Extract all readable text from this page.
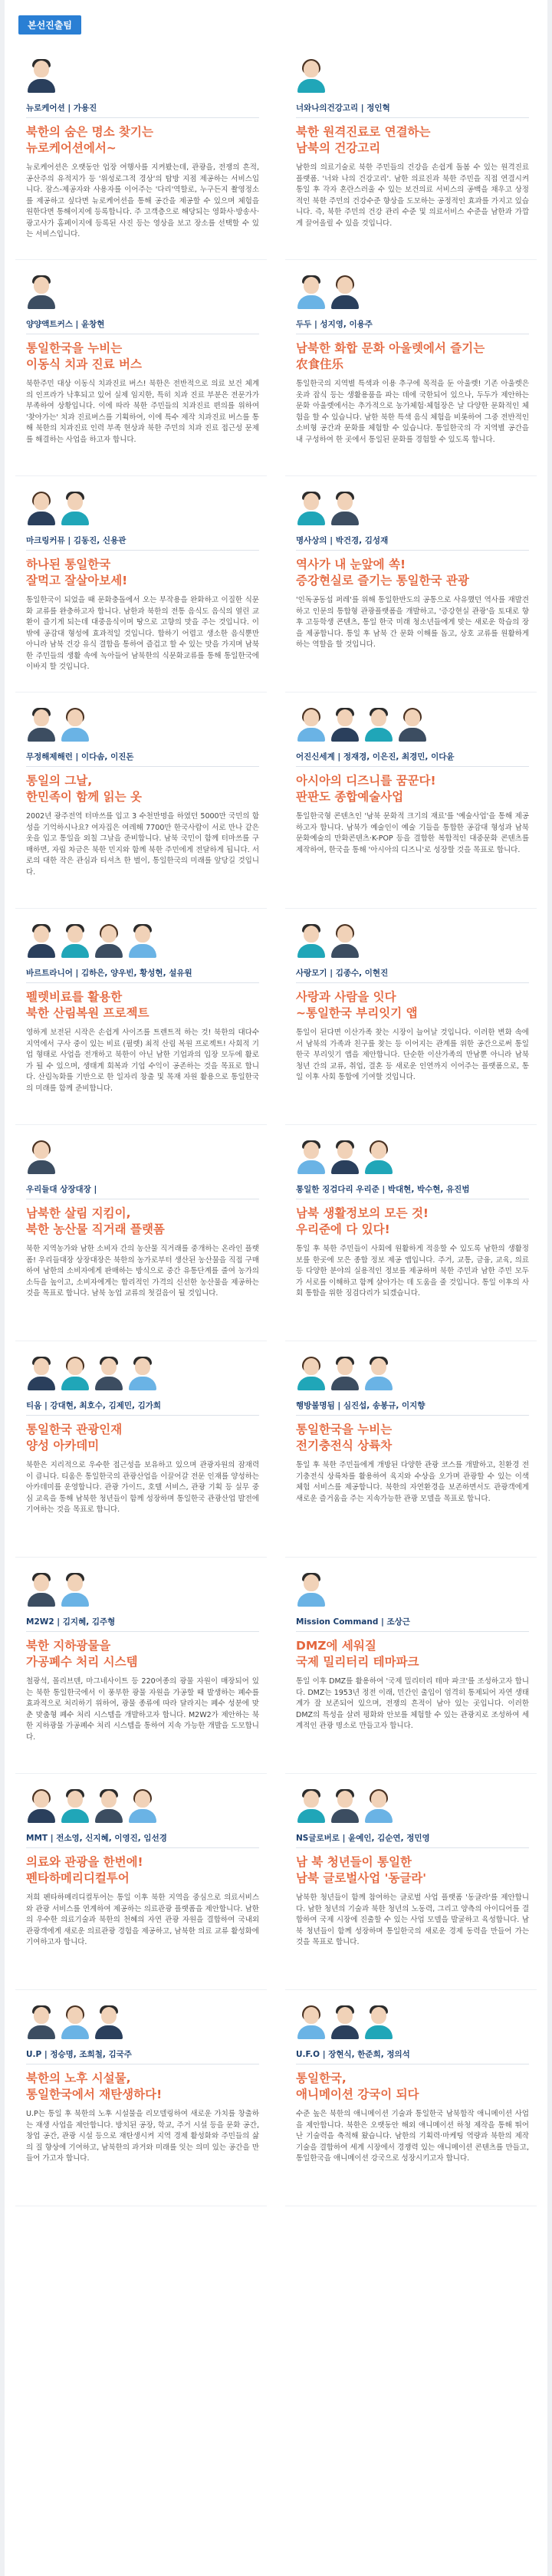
본선진출팀
뉴로케어션 | 가용진
북한의 숨은 명소 찾기는
뉴로케어션에서~
뉴로케어션은 오랫동안 업장 여행사를 지켜봤는데, 관광을, 전쟁의 흔적, 공산주의 유적지가 등 '위성로그적 경상'의 탐방 지점 제공하는 서비스입니다. 잠스-제공자와 사용자를 이어주는 '다리'역할로, 누구든지 촬영정소를 제공하고 싶다면 뉴로케어션을 통해 공간을 제공할 수 있으며 체험을 원한다면 통해이지에 등록합니다. 주 고객층으로 해당되는 영화사·방송사·광고사가 홈페이지에 등록된 사진 등는 영상을 보고 장소를 선택할 수 있는 서비스입니다.
너와나의건강고리 | 정인혁
북한 원격진료로 연결하는
남북의 건강고리
남한의 의료기술로 북한 주민들의 건강을 손쉽게 돌봄 수 있는 원격진료 플랫폼. '너와 나의 건강고리'. 남한 의료진과 북한 주민을 직접 연결시켜 통일 후 각자 혼란스러울 수 있는 보건의료 서비스의 공백을 채우고 상정적인 북한 주민의 건강수준 향상을 도모하는 공정적인 효과를 가지고 있습니다. 즉, 북한 주민의 건강 관리 수준 및 의료서비스 수준을 남한과 가깝게 끌어올릴 수 있을 것입니다.
양양액트커스 | 윤창현
통일한국을 누비는
이동식 치과 진료 버스
북한주민 대상 이동식 치과진료 버스! 북한은 전반적으로 의료 보건 체계의 인프라가 낙후되고 있어 실제 임지한, 특히 치과 진료 부분은 전문가가 부족하여 상황입니다. 이에 따라 북한 주민들의 치과진료 편의를 위하여 '찾아가는' 치과 진료버스를 기획하여, 이에 특수 제작 치과진료 버스를 통해 북한의 치과진료 인력 부족 현상과 북한 주민의 치과 진료 접근성 문제를 해결하는 사업을 하고자 합니다.
두두 | 성지영, 이용주
남북한 화합 문화 아울렛에서 즐기는
农食住乐
통일한국의 지역별 특색과 이용 추구에 목적을 둔 아울렛! 기존 아울렛은 옷과 잡식 등는 생활용품을 파는 데에 국한되어 있으나, 두두가 제안하는 문화 아울렛에서는 추가적으로 농가체험·체험장은 날 다양한 문화적인 체험을 할 수 있습니다. 남한 북한 특색 음식 체험을 비롯하여 그중 전반적인 소비형 공간과 문화를 체험할 수 있습니다. 통일한국의 각 지역별 공간을 내 구성하여 한 곳에서 통일된 문화를 경험할 수 있도록 합니다.
마크링커뮤 | 김동진, 신용관
하나된 통일한국
잘먹고 잘살아보세!
통일한국이 되었을 때 문화충돌에서 오는 부작용을 완화하고 이질한 식문화 교류를 완충하고자 합니다. 남한과 북한의 전통 음식도 음식의 열린 교환이 즐기게 되는데 대중음식이며 땅으로 고향의 맛을 주는 것입니다. 이 밖에 공감대 형성에 효과적일 것입니다. 합하기 어렵고 생소한 음식뿐만 아니라 남북 건강 유식 결합을 통하여 즐겁고 할 수 있는 맛을 가지며 남북한 주민들의 생활 속에 녹아들어 남북한의 식문화교류를 통해 통일한국에 이바지 할 것입니다.
명사상의 | 박건경, 김성재
역사가 내 눈앞에 쏙!
증강현실로 즐기는 통일한국 관광
'인독공동섭 퍼레'를 위해 통일한반도의 공통으로 사유했던 역사를 재발견하고 인문의 통합형 관광플랫폼을 개발하고, '증강현실 관광'을 토대로 향후 고등학생 콘텐츠, 통일 한국 미래 청소년들에게 맞는 새로운 학습의 장을 제공합니다. 통일 후 남북 간 문화 이해를 돕고, 상호 교류를 원활하게 하는 역할을 할 것입니다.
무정해제해런 | 이다솜, 이진돈
통일의 그날,
한민족이 함께 읽는 옷
2002년 광주전역 터마쓰를 입고 3 수천만명을 하였던 5000만 국민의 함성을 기억하시나요? 여자집은 여레해 7700만 한국사람이 서로 만나 같은 옷을 입고 통일을 외칠 그날을 준비합니다. 남북 국민이 함께 터마쓰를 구매하면, 자립 차금은 북한 민지와 함께 북한 주민에게 전달하게 됩니다. 서로의 대한 작은 관심과 티셔츠 한 벌이, 통일한국의 미래를 앞당길 것입니다.
어진신세계 | 정재경, 이은진, 최경민, 이다윤
아시아의 디즈니를 꿈꾼다!
판판도 종합예술사업
통일한국형 콘텐츠인 '남북 문화적 크기의 재료'를 '예술사업'을 통해 제공하고자 합니다. 남북가 예술인이 예술 기들을 통합한 공감대 형성과 남북 문화예술의 만화콘텐츠·K-POP 등을 결합한 복합적인 대중문화 콘텐츠를 제작하여, 한국을 통해 '아시아의 디즈니'로 성장할 것을 목표로 합니다.
바르트라니어 | 김하은, 양우빈, 황성현, 설유원
펠렛비료를 활용한
북한 산림복원 프로젝트
영하게 보전된 시작은 손쉽게 사이즈를 트렌트적 하는 것! 북한의 대다수 지역에서 구사 중이 있는 비료 (필렛) 최적 산림 복원 프로젝트! 사회적 기업 형태로 사업을 전개하고 북한이 아닌 남한 기업과의 입장 모두에 활로가 될 수 있으며, 생태계 회복과 기업 수익이 공존하는 것을 목표로 합니다. 산림녹화를 기반으로 한 일자리 창출 및 목재 자원 활용으로 통일한국의 미래를 함께 준비합니다.
사랑모기 | 김종수, 이현진
사랑과 사람을 잇다
~통일한국 부리잇기 앱
통일이 된다면 이산가족 찾는 시장이 늘어날 것입니다. 이러한 변화 속에서 남북의 가족과 친구를 찾는 등 이어지는 관계를 위한 공간으로써 통일한국 부리잇기 앱을 제안합니다. 단순한 이산가족의 만남뿐 아니라 남북 청년 간의 교류, 취업, 결혼 등 새로운 인연까지 이어주는 플랫폼으로, 통일 이후 사회 통합에 기여할 것입니다.
우리들대 상장대장 |
남북한 살림 지킴이,
북한 농산물 직거래 플랫폼
북한 지역농가와 남한 소비자 간의 농산물 직거래를 중개하는 온라인 플랫폼! 우리들대장 상장대장은 북한의 농가로부터 생산된 농산물을 직접 구매하여 남한의 소비자에게 판매하는 방식으로 중간 유통단계를 줄여 농가의 소득을 높이고, 소비자에게는 합리적인 가격의 신선한 농산물을 제공하는 것을 목표로 합니다. 남북 농업 교류의 첫걸음이 될 것입니다.
통일한 징검다리 우리준 | 박대현, 박수현, 유진범
남북 생활정보의 모든 것!
우리준에 다 있다!
통일 후 북한 주민들이 사회에 원활하게 적응할 수 있도록 남한의 생활정보를 한곳에 모은 종합 정보 제공 앱입니다. 주거, 교통, 금융, 교육, 의료 등 다양한 분야의 실용적인 정보를 제공하며 북한 주민과 남한 주민 모두가 서로를 이해하고 함께 살아가는 데 도움을 줄 것입니다. 통일 이후의 사회 통합을 위한 징검다리가 되겠습니다.
티움 | 강대현, 최호수, 김제민, 김가희
통일한국 관광인재
양성 아카데미
북한은 지리적으로 우수한 접근성을 보유하고 있으며 관광자원의 잠재력이 큽니다. 티움은 통일한국의 관광산업을 이끌어갈 전문 인재를 양성하는 아카데미를 운영합니다. 관광 가이드, 호텔 서비스, 관광 기획 등 실무 중심 교육을 통해 남북한 청년들이 함께 성장하며 통일한국 관광산업 발전에 기여하는 것을 목표로 합니다.
행방불명됨 | 심진섭, 송봉규, 이지향
통일한국을 누비는
전기충전식 상륙차
통일 후 북한 주민들에게 개방된 다양한 관광 코스를 개발하고, 친환경 전기충전식 상륙차를 활용하여 육지와 수상을 오가며 관광할 수 있는 이색 체험 서비스를 제공합니다. 북한의 자연환경을 보존하면서도 관광객에게 새로운 즐거움을 주는 지속가능한 관광 모델을 목표로 합니다.
M2W2 | 김지혜, 김주형
북한 지하광물을
가공폐수 처리 시스템
철광석, 몰리브덴, 마그네사이트 등 220여종의 광물 자원이 매장되어 있는 북한 통일한국에서 이 풍부한 광물 자원을 가공할 때 발생하는 폐수를 효과적으로 처리하기 위하여, 광물 종류에 따라 달라지는 폐수 성분에 맞춘 맞춤형 폐수 처리 시스템을 개발하고자 합니다. M2W2가 제안하는 북한 지하광물 가공폐수 처리 시스템을 통하여 지속 가능한 개발을 도모합니다.
Mission Command | 조상근
DMZ에 세워질
국제 밀리터리 테마파크
통일 이후 DMZ를 활용하여 '국제 밀리터리 테마 파크'를 조성하고자 합니다. DMZ는 1953년 정전 이래, 민간인 출입이 엄격히 통제되어 자연 생태계가 잘 보존되어 있으며, 전쟁의 흔적이 남아 있는 곳입니다. 이러한 DMZ의 특성을 살려 평화와 안보를 체험할 수 있는 관광지로 조성하여 세계적인 관광 명소로 만들고자 합니다.
MMT | 전소영, 신지혜, 이영진, 임선경
의료와 관광을 한번에!
펜타하메리디컬투어
저희 펜타하메리디컬투어는 통일 이후 북한 지역을 중심으로 의료서비스와 관광 서비스를 연계하여 제공하는 의료관광 플랫폼을 제안합니다. 남한의 우수한 의료기술과 북한의 천혜의 자연 관광 자원을 결합하여 국내외 관광객에게 새로운 의료관광 경험을 제공하고, 남북한 의료 교류 활성화에 기여하고자 합니다.
NS글로버로 | 윤예인, 김순연, 정민영
남 북 청년들이 통일한
남북 글로벌사업 '동글라'
남북한 청년들이 함께 참여하는 글로벌 사업 플랫폼 '동글라'를 제안합니다. 남한 청년의 기술과 북한 청년의 노동력, 그리고 양측의 아이디어를 결합하여 국제 시장에 진출할 수 있는 사업 모델을 발굴하고 육성합니다. 남북 청년들이 함께 성장하며 통일한국의 새로운 경제 동력을 만들어 가는 것을 목표로 합니다.
U.P | 정승명, 조희철, 김국주
북한의 노후 시설물,
통일한국에서 재탄생하다!
U.P는 통일 후 북한의 노후 시설물을 리모델링하여 새로운 가치를 창출하는 재생 사업을 제안합니다. 방치된 공장, 학교, 주거 시설 등을 문화 공간, 창업 공간, 관광 시설 등으로 재탄생시켜 지역 경제 활성화와 주민들의 삶의 질 향상에 기여하고, 남북한의 과거와 미래를 잇는 의미 있는 공간을 만들어 가고자 합니다.
U.F.O | 장현식, 한준희, 정의석
통일한국,
애니메이션 강국이 되다
수준 높은 북한의 애니메이션 기술과 통일한국 남북합작 애니메이션 사업을 제안합니다. 북한은 오랫동안 해외 애니메이션 하청 제작을 통해 뛰어난 기술력을 축적해 왔습니다. 남한의 기획력·마케팅 역량과 북한의 제작 기술을 결합하여 세계 시장에서 경쟁력 있는 애니메이션 콘텐츠를 만들고, 통일한국을 애니메이션 강국으로 성장시키고자 합니다.
